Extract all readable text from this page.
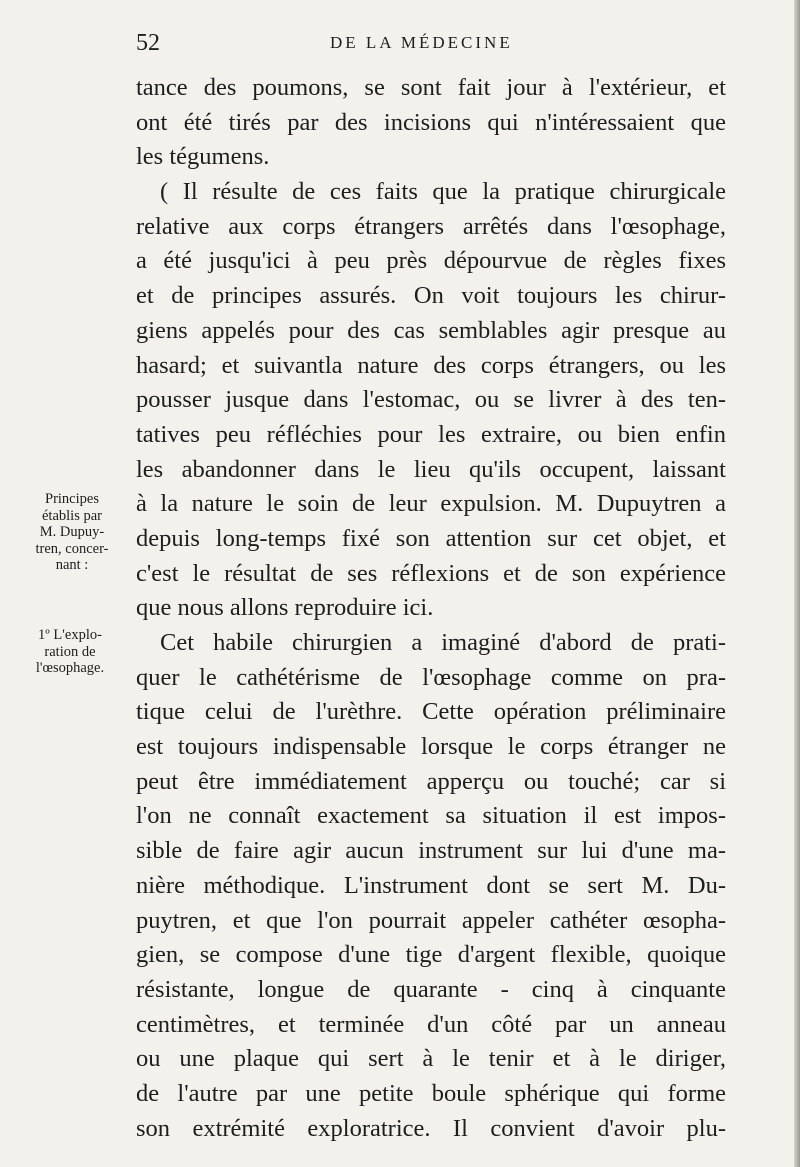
52	DE LA MÉDECINE
Principes
établis par
M. Dupuy-
tren, concer-
nant :
1º L'explo-
ration de
l'œsophage.
tance des poumons, se sont fait jour à l'extérieur, et
ont été tirés par des incisions qui n'intéressaient que
les tégumens.
( Il résulte de ces faits que la pratique chirurgicale
relative aux corps étrangers arrêtés dans l'œsophage,
a été jusqu'ici à peu près dépourvue de règles fixes
et de principes assurés. On voit toujours les chirur-
giens appelés pour des cas semblables agir presque au
hasard; et suivantla nature des corps étrangers, ou les
pousser jusque dans l'estomac, ou se livrer à des ten-
tatives peu réfléchies pour les extraire, ou bien enfin
les abandonner dans le lieu qu'ils occupent, laissant
à la nature le soin de leur expulsion. M. Dupuytren a
depuis long-temps fixé son attention sur cet objet, et
c'est le résultat de ses réflexions et de son expérience
que nous allons reproduire ici.
Cet habile chirurgien a imaginé d'abord de prati-
quer le cathétérisme de l'œsophage comme on pra-
tique celui de l'urèthre. Cette opération préliminaire
est toujours indispensable lorsque le corps étranger ne
peut être immédiatement apperçu ou touché; car si
l'on ne connaît exactement sa situation il est impos-
sible de faire agir aucun instrument sur lui d'une ma-
nière méthodique. L'instrument dont se sert M. Du-
puytren, et que l'on pourrait appeler cathéter œsopha-
gien, se compose d'une tige d'argent flexible, quoique
résistante, longue de quarante - cinq à cinquante
centimètres, et terminée d'un côté par un anneau
ou une plaque qui sert à le tenir et à le diriger,
de l'autre par une petite boule sphérique qui forme
son extrémité exploratrice. Il convient d'avoir plu-
